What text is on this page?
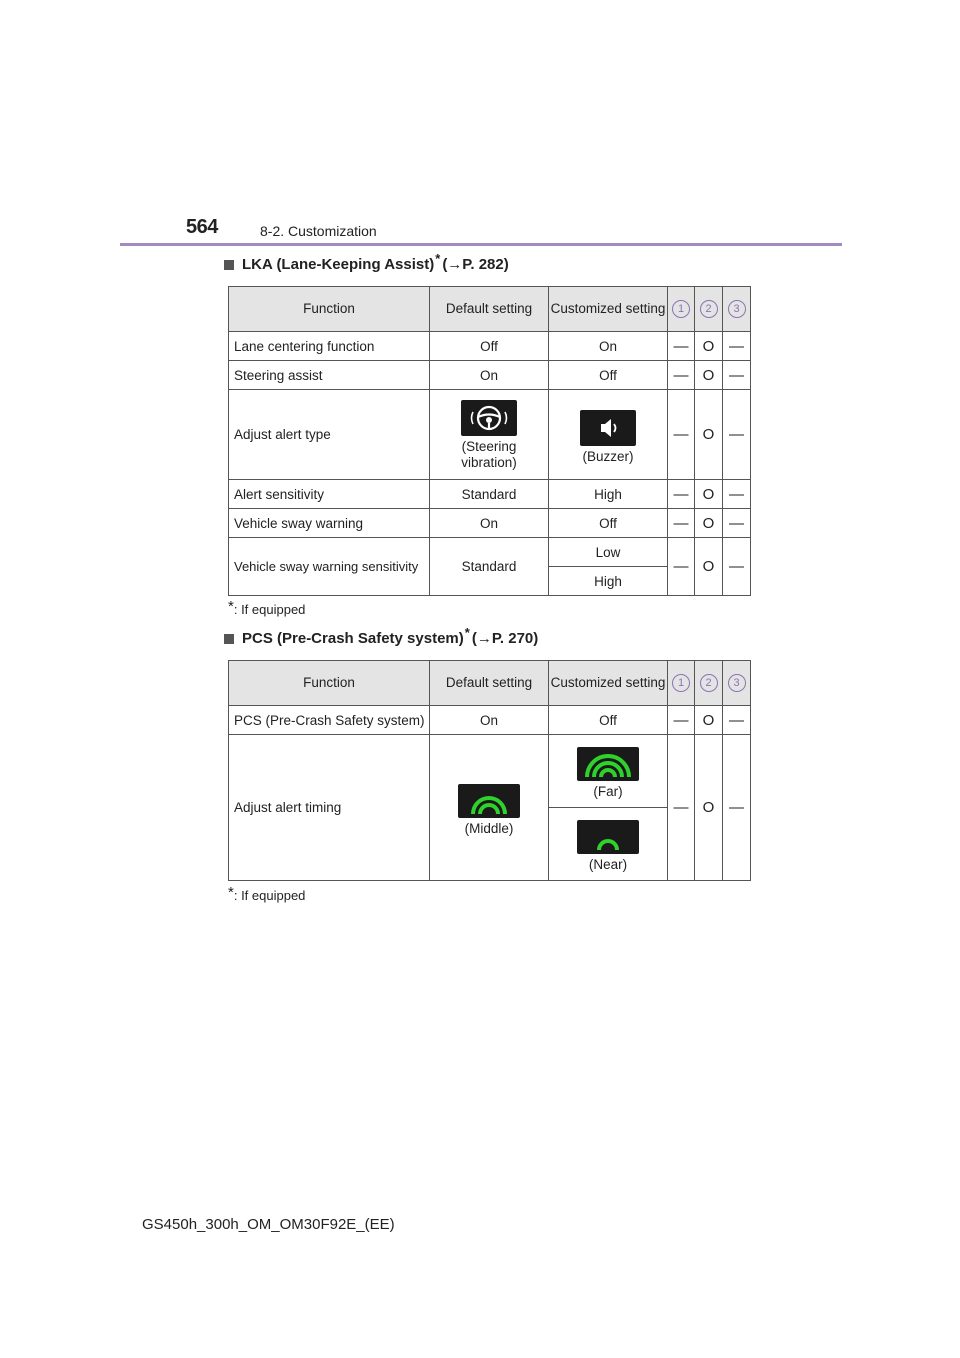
564	8-2. Customization
LKA (Lane-Keeping Assist) * (→P. 282)
Function	Default setting	Customized setting	1	2	3
Lane centering function	Off	On	—	O	—
Steering assist	On	Off	—	O	—
Adjust alert type	(Steering vibration)	(Buzzer)	—	O	—
Alert sensitivity	Standard	High	—	O	—
Vehicle sway warning	On	Off	—	O	—
Vehicle sway warning sensitivity	Standard	Low	—	O	—
		High			
*: If equipped
PCS (Pre-Crash Safety system) * (→P. 270)
Function	Default setting	Customized setting	1	2	3
PCS (Pre-Crash Safety system)	On	Off	—	O	—
Adjust alert timing	(Middle)	(Far)	—	O	—

		(Near)			
*: If equipped
GS450h_300h_OM_OM30F92E_(EE)
